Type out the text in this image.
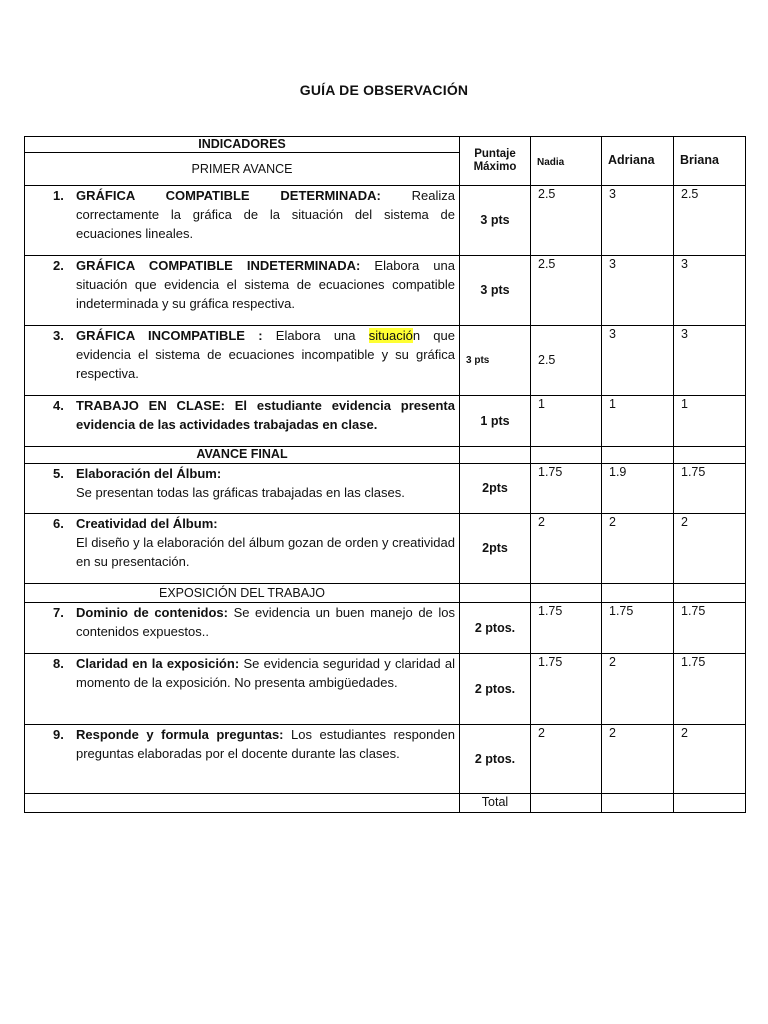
GUÍA DE OBSERVACIÓN
INDICADORES	Puntaje Máximo	Nadia	Adriana	Briana
PRIMER AVANCE				

1. GRÁFICA COMPATIBLE DETERMINADA: Realiza correctamente la gráfica de la situación del sistema de ecuaciones lineales.	3 pts	2.5	3	2.5

2. GRÁFICA COMPATIBLE INDETERMINADA: Elabora una situación que evidencia el sistema de ecuaciones compatible indeterminada y su gráfica respectiva.	3 pts	2.5	3	3

3. GRÁFICA INCOMPATIBLE : Elabora una situación que evidencia el sistema de ecuaciones incompatible y su gráfica respectiva.	3 pts	2.5	3	3

4. TRABAJO EN CLASE: El estudiante evidencia presenta evidencia de las actividades trabajadas en clase.	1 pts	1	1	1
AVANCE FINAL				

5. Elaboración del Álbum:
Se presentan todas las gráficas trabajadas en las clases.	2pts	1.75	1.9	1.75

6. Creatividad del Álbum:
El diseño y la elaboración del álbum gozan de orden y creatividad en su presentación.	2pts	2	2	2
EXPOSICIÓN DEL TRABAJO				

7. Dominio de contenidos: Se evidencia un buen manejo de los contenidos expuestos..	2 ptos.	1.75	1.75	1.75

8. Claridad en la exposición: Se evidencia seguridad y claridad al momento de la exposición. No presenta ambigüedades.	2 ptos.	1.75	2	1.75

9. Responde y formula preguntas: Los estudiantes responden preguntas elaboradas por el docente durante las clases.	2 ptos.	2	2	2
	Total			
